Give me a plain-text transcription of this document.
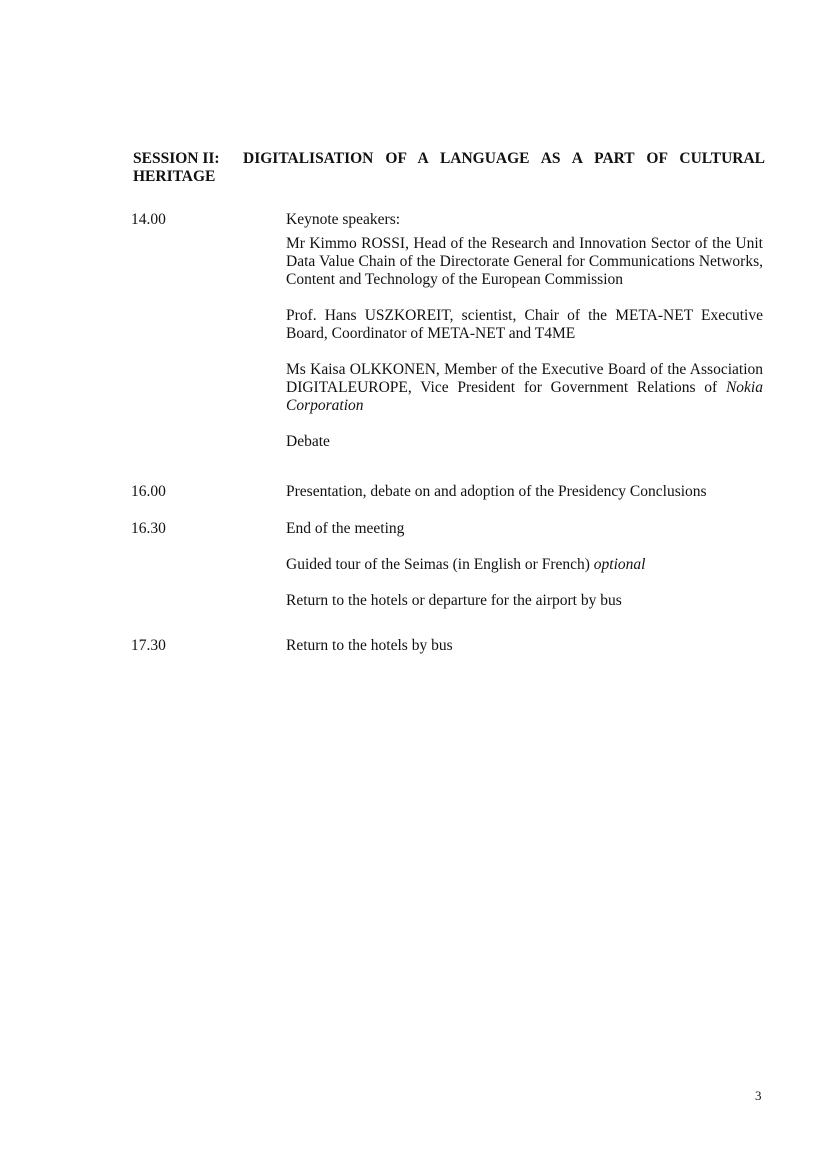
SESSION II:	DIGITALISATION OF A LANGUAGE AS A PART OF CULTURAL
HERITAGE
14.00	Keynote speakers:

Mr Kimmo ROSSI, Head of the Research and Innovation Sector of the Unit Data Value Chain of the Directorate General for Communications Networks, Content and Technology of the European Commission

Prof. Hans USZKOREIT, scientist, Chair of the META-NET Executive Board, Coordinator of META-NET and T4ME

Ms Kaisa OLKKONEN, Member of the Executive Board of the Association DIGITALEUROPE, Vice President for Government Relations of Nokia Corporation

Debate

16.00	Presentation, debate on and adoption of the Presidency Conclusions

16.30	End of the meeting

Guided tour of the Seimas (in English or French) optional

Return to the hotels or departure for the airport by bus

17.30	Return to the hotels by bus

3
